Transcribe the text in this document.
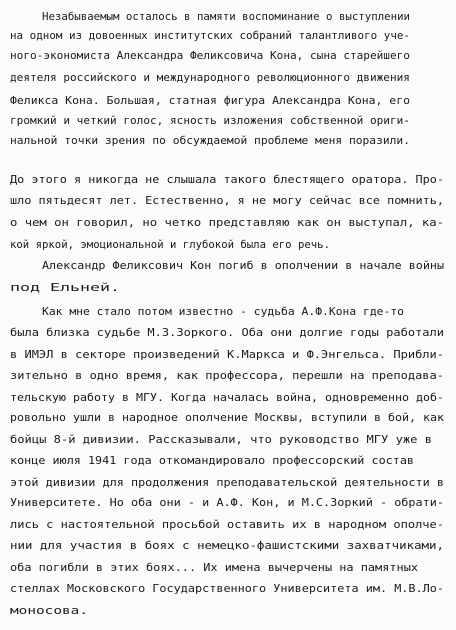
Незабываемым осталось в памяти воспоминание о выступлении
на одном из довоенных институтских собраний талантливого уче-
ного-экономиста Александра Феликсовича Кона, сына старейшего
деятеля российского и международного революционного движения
Феликса Кона. Большая, статная фигура Александра Кона, его
громкий и четкий голос, ясность изложения собственной ориги-
нальной точки зрения по обсуждаемой проблеме меня поразили.
До этого я никогда не слышала такого блестящего оратора. Про-
шло пятьдесят лет. Естественно, я не могу сейчас все помнить,
о чем он говорил, но четко представляю как он выступал, ка-
кой яркой, эмоциональной и глубокой была его речь.
Александр Феликсович Кон погиб в ополчении в начале войны
под Ельней.
Как мне стало потом известно - судьба А.Ф.Кона где-то
была близка судьбе М.З.Зоркого. Оба они долгие годы работали
в ИМЭЛ в секторе произведений К.Маркса и Ф.Энгельса. Прибли-
зительно в одно время, как профессора, перешли на преподава-
тельскую работу в МГУ. Когда началась война, одновременно доб-
ровольно ушли в народное ополчение Москвы, вступили в бой, как
бойцы 8-й дивизии. Рассказывали, что руководство МГУ уже в
конце июля 1941 года откомандировало профессорский состав
этой дивизии для продолжения преподавательской деятельности в
Университете. Но оба они - и А.Ф. Кон, и М.С.Зоркий - обрати-
лись с настоятельной просьбой оставить их в народном ополче-
нии для участия в боях с немецко-фашистскими захватчиками,
оба погибли в этих боях... Их имена вычерчены на памятных
стеллах Московского Государственного Университета им. М.В.Ло-
моносова.
